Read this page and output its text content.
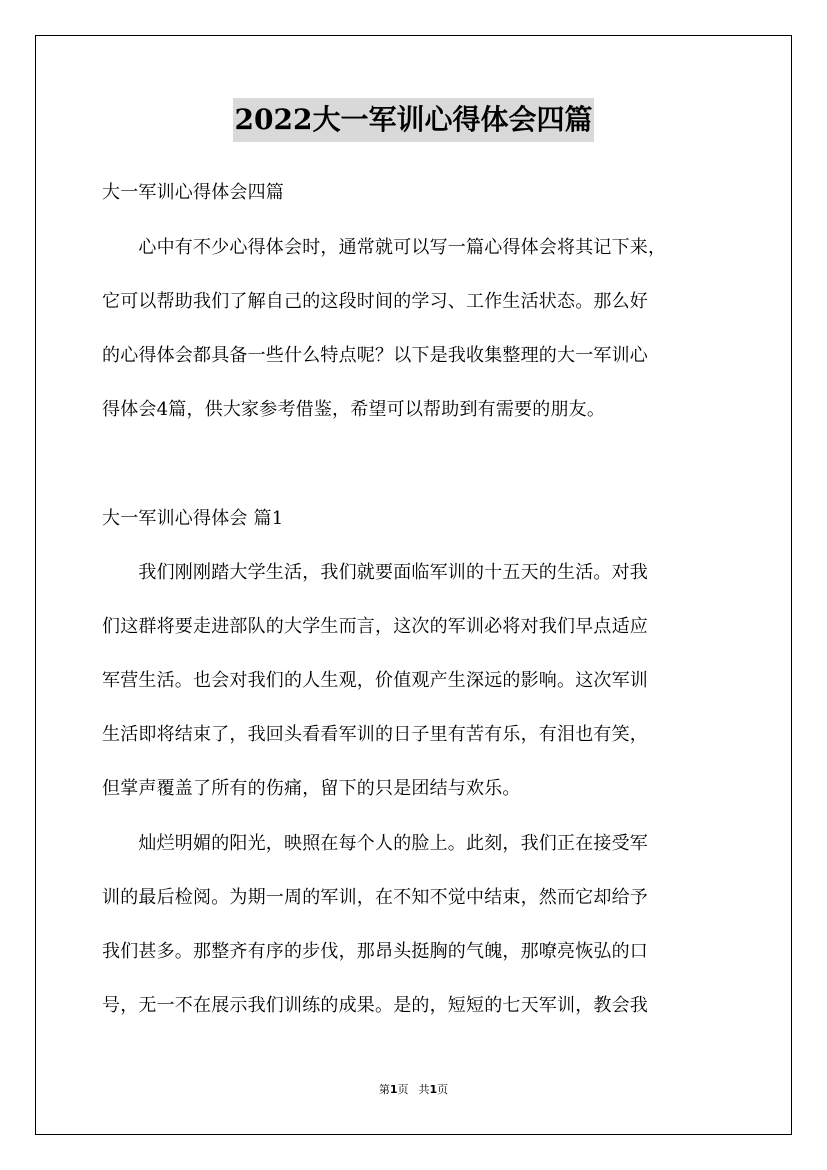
2022大一军训心得体会四篇
大一军训心得体会四篇
　　心中有不少心得体会时，通常就可以写一篇心得体会将其记下来，
它可以帮助我们了解自己的这段时间的学习、工作生活状态。那么好
的心得体会都具备一些什么特点呢？以下是我收集整理的大一军训心
得体会4篇，供大家参考借鉴，希望可以帮助到有需要的朋友。
大一军训心得体会 篇1
　　我们刚刚踏大学生活，我们就要面临军训的十五天的生活。对我
们这群将要走进部队的大学生而言，这次的军训必将对我们早点适应
军营生活。也会对我们的人生观，价值观产生深远的影响。这次军训
生活即将结束了，我回头看看军训的日子里有苦有乐，有泪也有笑，
但掌声覆盖了所有的伤痛，留下的只是团结与欢乐。
　　灿烂明媚的阳光，映照在每个人的脸上。此刻，我们正在接受军
训的最后检阅。为期一周的军训，在不知不觉中结束，然而它却给予
我们甚多。那整齐有序的步伐，那昂头挺胸的气魄，那嘹亮恢弘的口
号，无一不在展示我们训练的成果。是的，短短的七天军训，教会我
第1页 共1页
